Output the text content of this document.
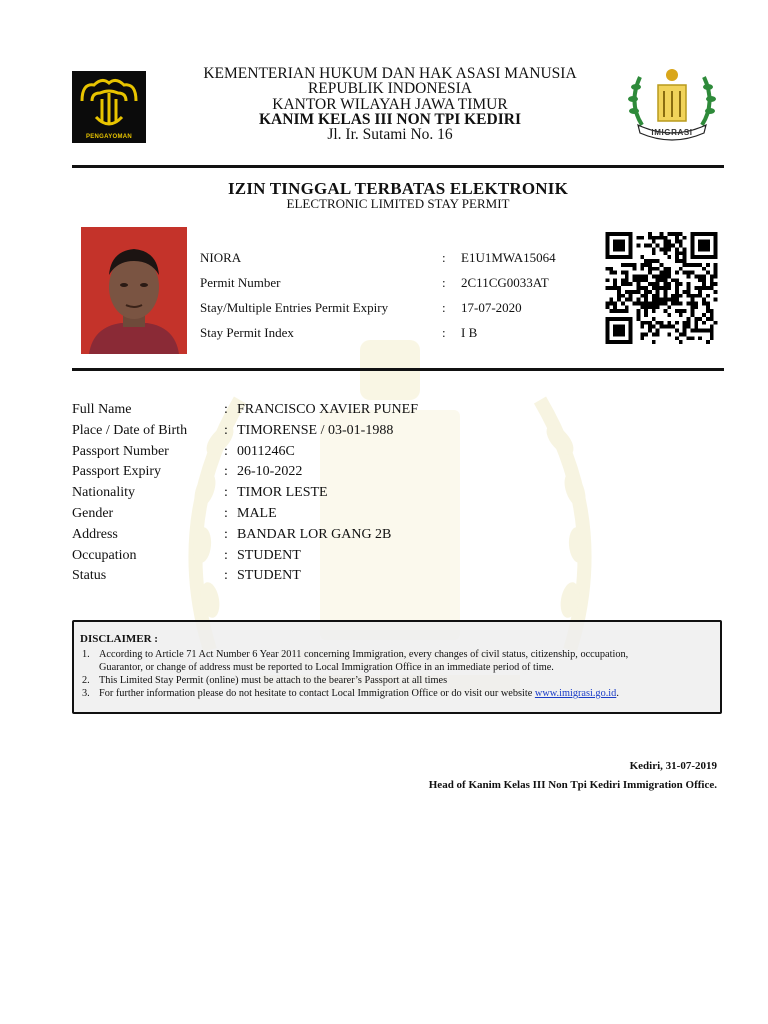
PENGAYOMAN	IMIGRASI
KEMENTERIAN HUKUM DAN HAK ASASI MANUSIA
REPUBLIK INDONESIA
KANTOR WILAYAH JAWA TIMUR
KANIM KELAS III NON TPI KEDIRI
Jl. Ir. Sutami No. 16
IZIN TINGGAL TERBATAS ELEKTRONIK
ELECTRONIC LIMITED STAY PERMIT
NIORA	: E1U1MWA15064
Permit Number	: 2C11CG0033AT
Stay/Multiple Entries Permit Expiry	: 17-07-2020
Stay Permit Index	: I B
Full Name	: FRANCISCO XAVIER PUNEF
Place / Date of Birth	: TIMORENSE / 03-01-1988
Passport Number	: 0011246C
Passport Expiry	: 26-10-2022
Nationality	: TIMOR LESTE
Gender	: MALE
Address	: BANDAR LOR GANG 2B
Occupation	: STUDENT
Status	: STUDENT
DISCLAIMER :
1. According to Article 71 Act Number 6 Year 2011 concerning Immigration, every changes of civil status, citizenship, occupation,
Guarantor, or change of address must be reported to Local Immigration Office in an immediate period of time.
2. This Limited Stay Permit (online) must be attach to the bearer’s Passport at all times
3. For further information please do not hesitate to contact Local Immigration Office or do visit our website www.imigrasi.go.id.
Kediri, 31-07-2019
Head of Kanim Kelas III Non Tpi Kediri Immigration Office.
